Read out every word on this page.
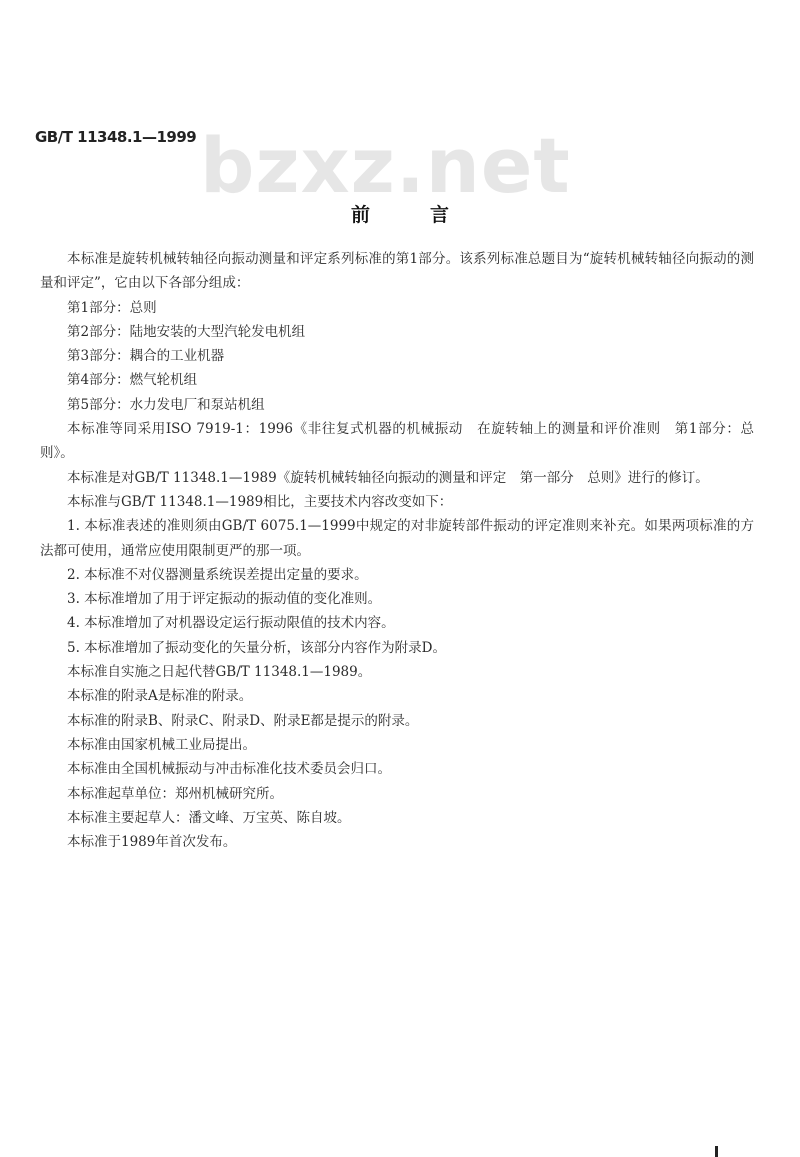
GB/T 11348.1—1999 bzxz.net
前言

本标准是旋转机械转轴径向振动测量和评定系列标准的第1部分。该系列标准总题目为“旋转机械转轴径向振动的测量和评定”，它由以下各部分组成：

第1部分：总则

第2部分：陆地安装的大型汽轮发电机组

第3部分：耦合的工业机器

第4部分：燃气轮机组

第5部分：水力发电厂和泵站机组

本标准等同采用ISO 7919-1：1996《非往复式机器的机械振动　在旋转轴上的测量和评价准则　第1部分：总则》。

本标准是对GB/T 11348.1—1989《旋转机械转轴径向振动的测量和评定　第一部分　总则》进行的修订。

本标准与GB/T 11348.1—1989相比，主要技术内容改变如下：

1. 本标准表述的准则须由GB/T 6075.1—1999中规定的对非旋转部件振动的评定准则来补充。如果两项标准的方法都可使用，通常应使用限制更严的那一项。

2. 本标准不对仪器测量系统误差提出定量的要求。

3. 本标准增加了用于评定振动的振动值的变化准则。

4. 本标准增加了对机器设定运行振动限值的技术内容。

5. 本标准增加了振动变化的矢量分析，该部分内容作为附录D。

本标准自实施之日起代替GB/T 11348.1—1989。

本标准的附录A是标准的附录。

本标准的附录B、附录C、附录D、附录E都是提示的附录。

本标准由国家机械工业局提出。

本标准由全国机械振动与冲击标准化技术委员会归口。

本标准起草单位：郑州机械研究所。

本标准主要起草人：潘文峰、万宝英、陈自坡。

本标准于1989年首次发布。
